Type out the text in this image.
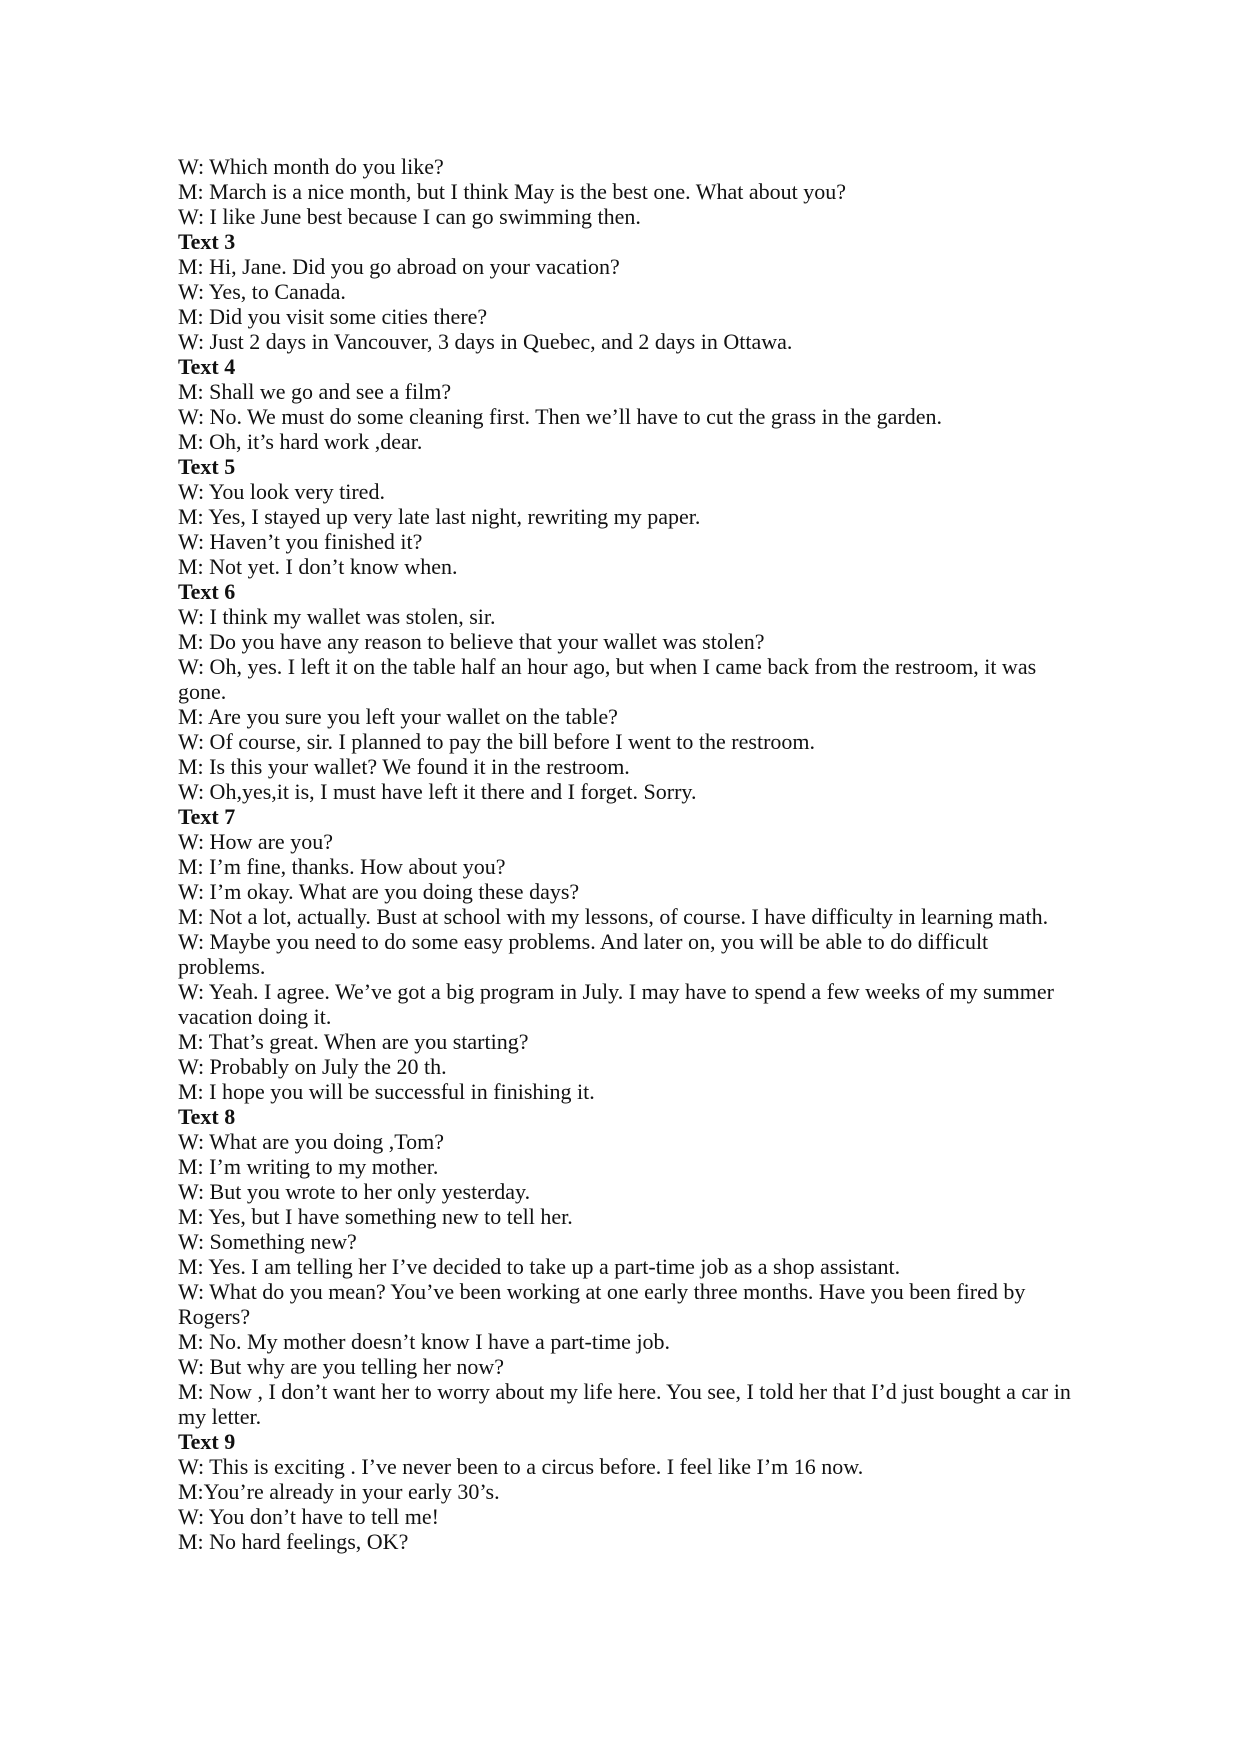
W: Which month do you like?

M: March is a nice month, but I think May is the best one. What about you?

W: I like June best because I can go swimming then.

Text 3

M: Hi, Jane. Did you go abroad on your vacation?

W: Yes, to Canada.

M: Did you visit some cities there?

W: Just 2 days in Vancouver, 3 days in Quebec, and 2 days in Ottawa.

Text 4

M: Shall we go and see a film?

W: No. We must do some cleaning first. Then we’ll have to cut the grass in the garden.

M: Oh, it’s hard work ,dear.

Text 5

W: You look very tired.

M: Yes, I stayed up very late last night, rewriting my paper.

W: Haven’t you finished it?

M: Not yet. I don’t know when.

Text 6

W: I think my wallet was stolen, sir.

M: Do you have any reason to believe that your wallet was stolen?

W: Oh, yes. I left it on the table half an hour ago, but when I came back from the restroom, it was gone.

M: Are you sure you left your wallet on the table?

W: Of course, sir. I planned to pay the bill before I went to the restroom.

M: Is this your wallet? We found it in the restroom.

W: Oh,yes,it is, I must have left it there and I forget. Sorry.

Text 7

W: How are you?

M: I’m fine, thanks. How about you?

W: I’m okay. What are you doing these days?

M: Not a lot, actually. Bust at school with my lessons, of course. I have difficulty in learning math.

W: Maybe you need to do some easy problems. And later on, you will be able to do difficult problems.

W: Yeah. I agree. We’ve got a big program in July. I may have to spend a few weeks of my summer vacation doing it.

M: That’s great. When are you starting?

W: Probably on July the 20 th.

M: I hope you will be successful in finishing it.

Text 8

W: What are you doing ,Tom?

M: I’m writing to my mother.

W: But you wrote to her only yesterday.

M: Yes, but I have something new to tell her.

W: Something new?

M: Yes. I am telling her I’ve decided to take up a part-time job as a shop assistant.

W: What do you mean? You’ve been working at one early three months. Have you been fired by Rogers?

M: No. My mother doesn’t know I have a part-time job.

W: But why are you telling her now?

M: Now , I don’t want her to worry about my life here. You see, I told her that I’d just bought a car in my letter.

Text 9

W: This is exciting . I’ve never been to a circus before. I feel like I’m 16 now.

M:You’re already in your early 30’s.

W: You don’t have to tell me!

M: No hard feelings, OK?
